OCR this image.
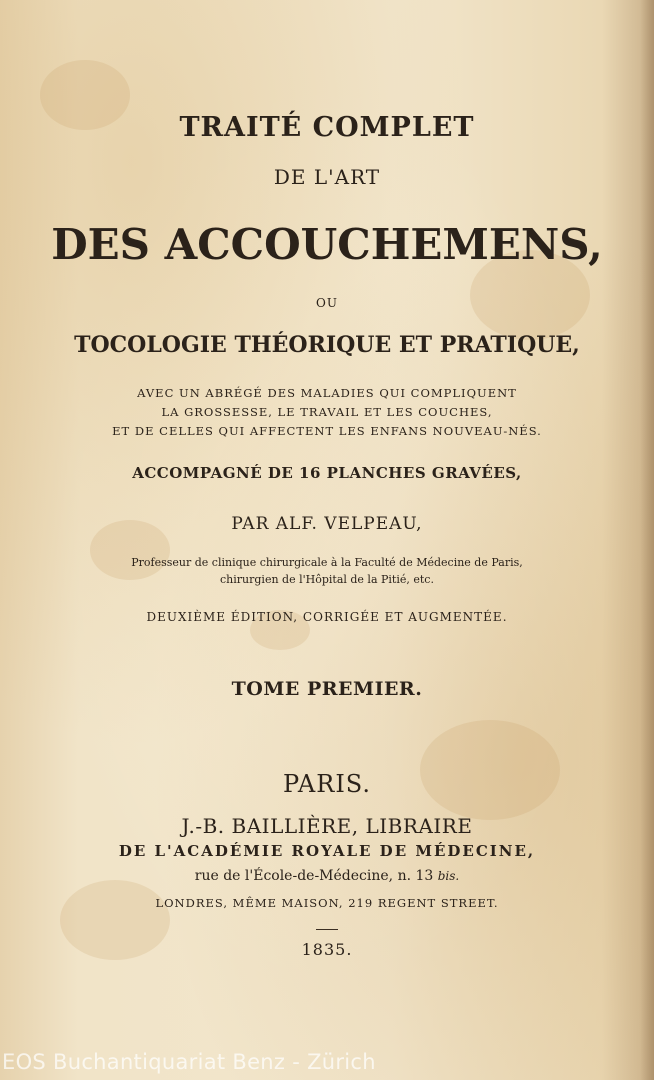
TRAITÉ COMPLET
DE L'ART
DES ACCOUCHEMENS,
OU
TOCOLOGIE THÉORIQUE ET PRATIQUE,
AVEC UN ABRÉGÉ DES MALADIES QUI COMPLIQUENT
LA GROSSESSE, LE TRAVAIL ET LES COUCHES,
ET DE CELLES QUI AFFECTENT LES ENFANS NOUVEAU-NÉS.
ACCOMPAGNÉ DE 16 PLANCHES GRAVÉES,
PAR ALF. VELPEAU,
Professeur de clinique chirurgicale à la Faculté de Médecine de Paris,
chirurgien de l'Hôpital de la Pitié, etc.
DEUXIÈME ÉDITION, CORRIGÉE ET AUGMENTÉE.
TOME PREMIER.
PARIS.
J.-B. BAILLIÈRE, LIBRAIRE
DE L'ACADÉMIE ROYALE DE MÉDECINE,
rue de l'École-de-Médecine, n. 13 bis.
LONDRES, MÊME MAISON, 219 REGENT STREET.
1835.
EOS Buchantiquariat Benz - Zürich
